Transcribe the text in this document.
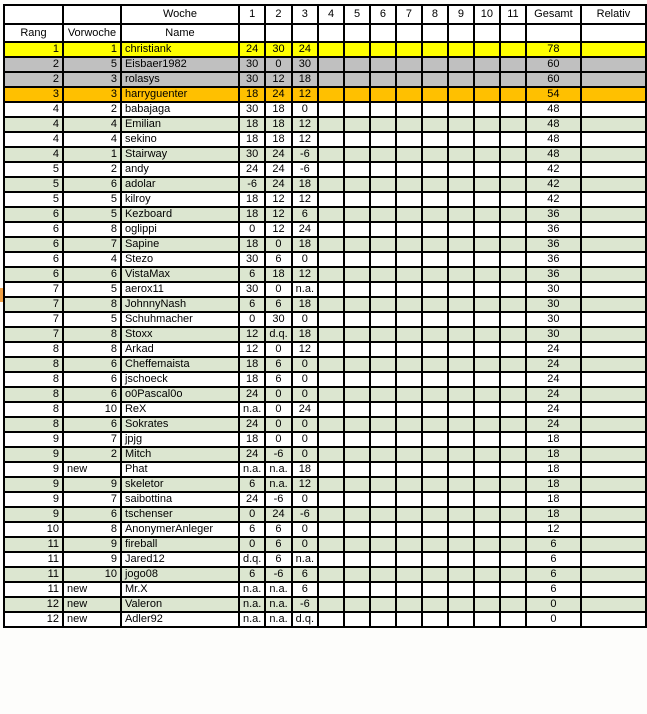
		Woche	1	2	3	4	5	6	7	8	9	10	11	Gesamt	Relativ
Rang	Vorwoche	Name													
1	1	christiank	24	30	24									78	
2	5	Eisbaer1982	30	0	30									60	
2	3	rolasys	30	12	18									60	
3	3	harryguenter	18	24	12									54	
4	2	babajaga	30	18	0									48	
4	4	Emilian	18	18	12									48	
4	4	sekino	18	18	12									48	
4	1	Stairway	30	24	-6									48	
5	2	andy	24	24	-6									42	
5	6	adolar	-6	24	18									42	
5	5	kilroy	18	12	12									42	
6	5	Kezboard	18	12	6									36	
6	8	oglippi	0	12	24									36	
6	7	Sapine	18	0	18									36	
6	4	Stezo	30	6	0									36	
6	6	VistaMax	6	18	12									36	
7	5	aerox11	30	0	n.a.									30	
7	8	JohnnyNash	6	6	18									30	
7	5	Schuhmacher	0	30	0									30	
7	8	Stoxx	12	d.q.	18									30	
8	8	Arkad	12	0	12									24	
8	6	Cheffemaista	18	6	0									24	
8	6	jschoeck	18	6	0									24	
8	6	o0Pascal0o	24	0	0									24	
8	10	ReX	n.a.	0	24									24	
8	6	Sokrates	24	0	0									24	
9	7	jpjg	18	0	0									18	
9	2	Mitch	24	-6	0									18	
9	new	Phat	n.a.	n.a.	18									18	
9	9	skeletor	6	n.a.	12									18	
9	7	saibottina	24	-6	0									18	
9	6	tschenser	0	24	-6									18	
10	8	AnonymerAnleger	6	6	0									12	
11	9	fireball	0	6	0									6	
11	9	Jared12	d.q.	6	n.a.									6	
11	10	jogo08	6	-6	6									6	
11	new	Mr.X	n.a.	n.a.	6									6	
12	new	Valeron	n.a.	n.a.	-6									0	
12	new	Adler92	n.a.	n.a.	d.q.									0	
